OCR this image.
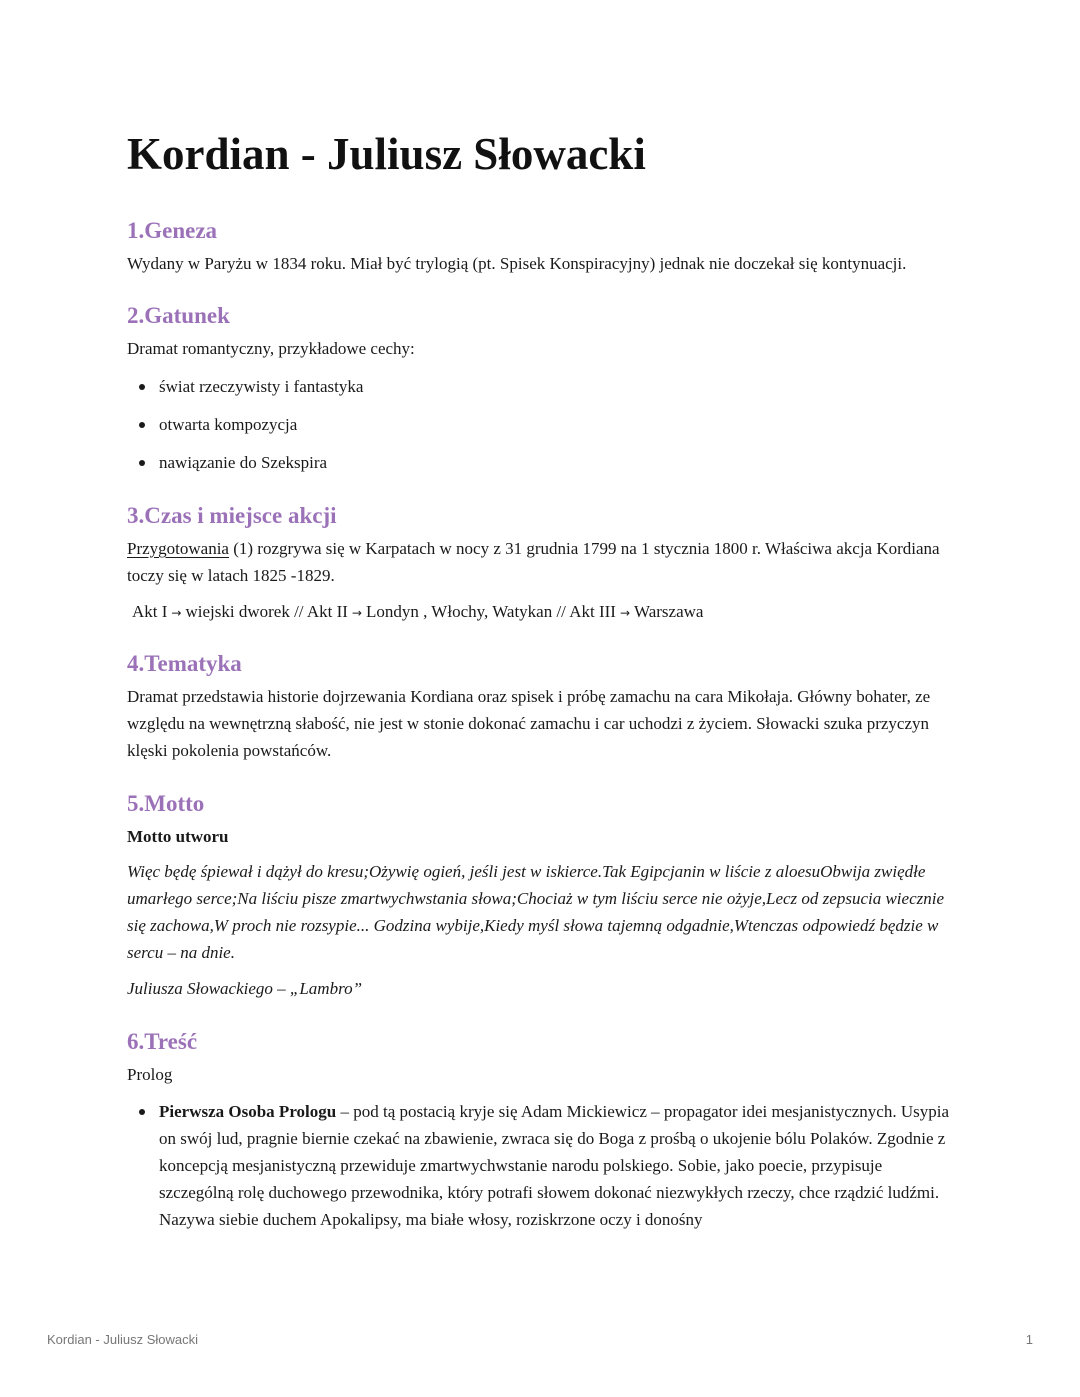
Kordian - Juliusz Słowacki
1.Geneza

Wydany w Paryżu w 1834 roku. Miał być trylogią (pt. Spisek Konspiracyjny) jednak nie doczekał się kontynuacji.

2.Gatunek

Dramat romantyczny, przykładowe cechy:

świat rzeczywisty i fantastyka
otwarta kompozycja
nawiązanie do Szekspira
3.Czas i miejsce akcji

Przygotowania (1) rozgrywa się w Karpatach w nocy z 31 grudnia 1799 na 1 stycznia 1800 r. Właściwa akcja Kordiana toczy się w latach 1825 -1829.

Akt I → wiejski dworek // Akt II → Londyn , Włochy, Watykan // Akt III → Warszawa

4.Tematyka

Dramat przedstawia historie dojrzewania Kordiana oraz spisek i próbę zamachu na cara Mikołaja. Główny bohater, ze względu na wewnętrzną słabość, nie jest w stonie dokonać zamachu i car uchodzi z życiem. Słowacki szuka przyczyn klęski pokolenia powstańców.

5.Motto

Motto utworu

Więc będę śpiewał i dążył do kresu;Ożywię ogień, jeśli jest w iskierce.Tak Egipcjanin w liście z aloesuObwija zwiędłe umarłego serce;Na liściu pisze zmartwychwstania słowa;Chociaż w tym liściu serce nie ożyje,Lecz od zepsucia wiecznie się zachowa,W proch nie rozsypie... Godzina wybije,Kiedy myśl słowa tajemną odgadnie,Wtenczas odpowiedź będzie w sercu – na dnie.

Juliusza Słowackiego – „Lambro”

6.Treść

Prolog

Pierwsza Osoba Prologu – pod tą postacią kryje się Adam Mickiewicz – propagator idei mesjanistycznych. Usypia on swój lud, pragnie biernie czekać na zbawienie, zwraca się do Boga z prośbą o ukojenie bólu Polaków. Zgodnie z koncepcją mesjanistyczną przewiduje zmartwychwstanie narodu polskiego. Sobie, jako poecie, przypisuje szczególną rolę duchowego przewodnika, który potrafi słowem dokonać niezwykłych rzeczy, chce rządzić ludźmi. Nazywa siebie duchem Apokalipsy, ma białe włosy, roziskrzone oczy i donośny
Kordian - Juliusz Słowacki	1
